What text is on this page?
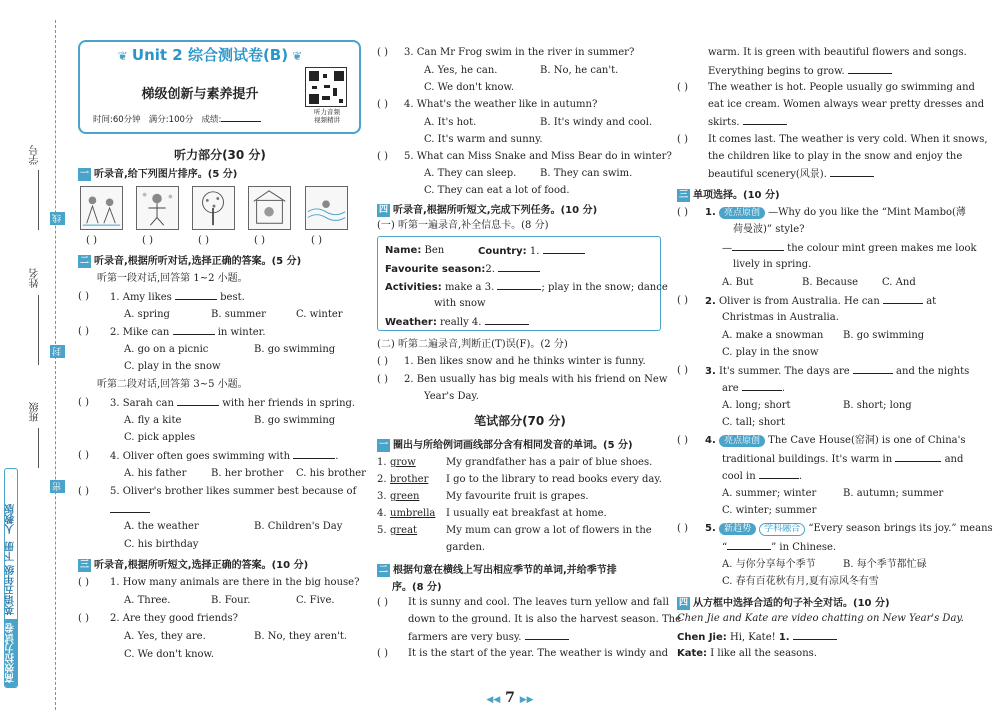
学号
姓名
班级
线
封
密
高效拉力试卷
英语五年级 下册
人教版
❦ Unit 2 综合测试卷(B) ❦
梯级创新与素养提升
时间:60分钟 满分:100分 成绩:
听力音频
视频精讲
听力部分(30 分)
一 听录音,给下列图片排序。(5 分)
( )	( )	( )	( )	( )
二 听录音,根据所听对话,选择正确的答案。(5 分)
听第一段对话,回答第 1~2 小题。
( ) 1. Amy likes	best.
A. spring	B. summer	C. winter
( ) 2. Mike can	in winter.
A. go on a picnic	B. go swimming
C. play in the snow
听第二段对话,回答第 3~5 小题。
( ) 3. Sarah can	with her friends in spring.
A. fly a kite	B. go swimming
C. pick apples
( ) 4. Oliver often goes swimming with	.
A. his father B. her brother C. his brother
( ) 5. Oliver's brother likes summer best because of
A. the weather	B. Children's Day
C. his birthday
三 听录音,根据所听短文,选择正确的答案。(10 分)
( ) 1. How many animals are there in the big house?
A. Three.	B. Four.	C. Five.
( ) 2. Are they good friends?
A. Yes, they are.	B. No, they aren't.
C. We don't know.
( ) 3. Can Mr Frog swim in the river in summer?
A. Yes, he can.	B. No, he can't.
C. We don't know.
( ) 4. What's the weather like in autumn?
A. It's hot.	B. It's windy and cool.
C. It's warm and sunny.
( ) 5. What can Miss Snake and Miss Bear do in winter?
A. They can sleep. B. They can swim.
C. They can eat a lot of food.
四 听录音,根据所听短文,完成下列任务。(10 分)
(一) 听第一遍录音,补全信息卡。(8 分)
Name: Ben	Country: 1.
Favourite season:2.
Activities: make a 3.	; play in the snow; dance
with snow
Weather: really 4.
(二) 听第二遍录音,判断正(T)误(F)。(2 分)
( ) 1. Ben likes snow and he thinks winter is funny.
( ) 2. Ben usually has big meals with his friend on New
Year's Day.
笔试部分(70 分)
一 圈出与所给例词画线部分含有相同发音的单词。(5 分)
1. grow	My grandfather has a pair of blue shoes.
2. brother I go to the library to read books every day.
3. green	My favourite fruit is grapes.
4. umbrella I usually eat breakfast at home.
5. great	My mum can grow a lot of flowers in the
garden.
二 根据句意在横线上写出相应季节的单词,并给季节排
序。(8 分)
( ) It is sunny and cool. The leaves turn yellow and fall
down to the ground. It is also the harvest season. The
farmers are very busy.
( ) It is the start of the year. The weather is windy and
warm. It is green with beautiful flowers and songs.
Everything begins to grow.
( ) The weather is hot. People usually go swimming and
eat ice cream. Women always wear pretty dresses and
skirts.
( ) It comes last. The weather is very cold. When it snows,
the children like to play in the snow and enjoy the
beautiful scenery(风景).
三 单项选择。(10 分)
( ) 1. 亮点原创 —Why do you like the “Mint Mambo(薄
荷曼波)” style?
—	the colour mint green makes me look
lively in spring.
A. But	B. Because C. And
( ) 2. Oliver is from Australia. He can	at
Christmas in Australia.
A. make a snowman B. go swimming
C. play in the snow
( ) 3. It's summer. The days are	and the nights
are	.
A. long; short	B. short; long
C. tall; short
( ) 4. 亮点原创 The Cave House(窑洞) is one of China's
traditional buildings. It's warm in	and
cool in	.
A. summer; winter	B. autumn; summer
C. winter; summer
( ) 5. 新趋势 学科融合 “Every season brings its joy.” means
“	” in Chinese.
A. 与你分享每个季节	B. 每个季节都忙碌
C. 春有百花秋有月,夏有凉风冬有雪
四 从方框中选择合适的句子补全对话。(10 分)
Chen Jie and Kate are video chatting on New Year's Day.
Chen Jie: Hi, Kate! 1.
Kate: I like all the seasons.
◀◀ 7 ▶▶
